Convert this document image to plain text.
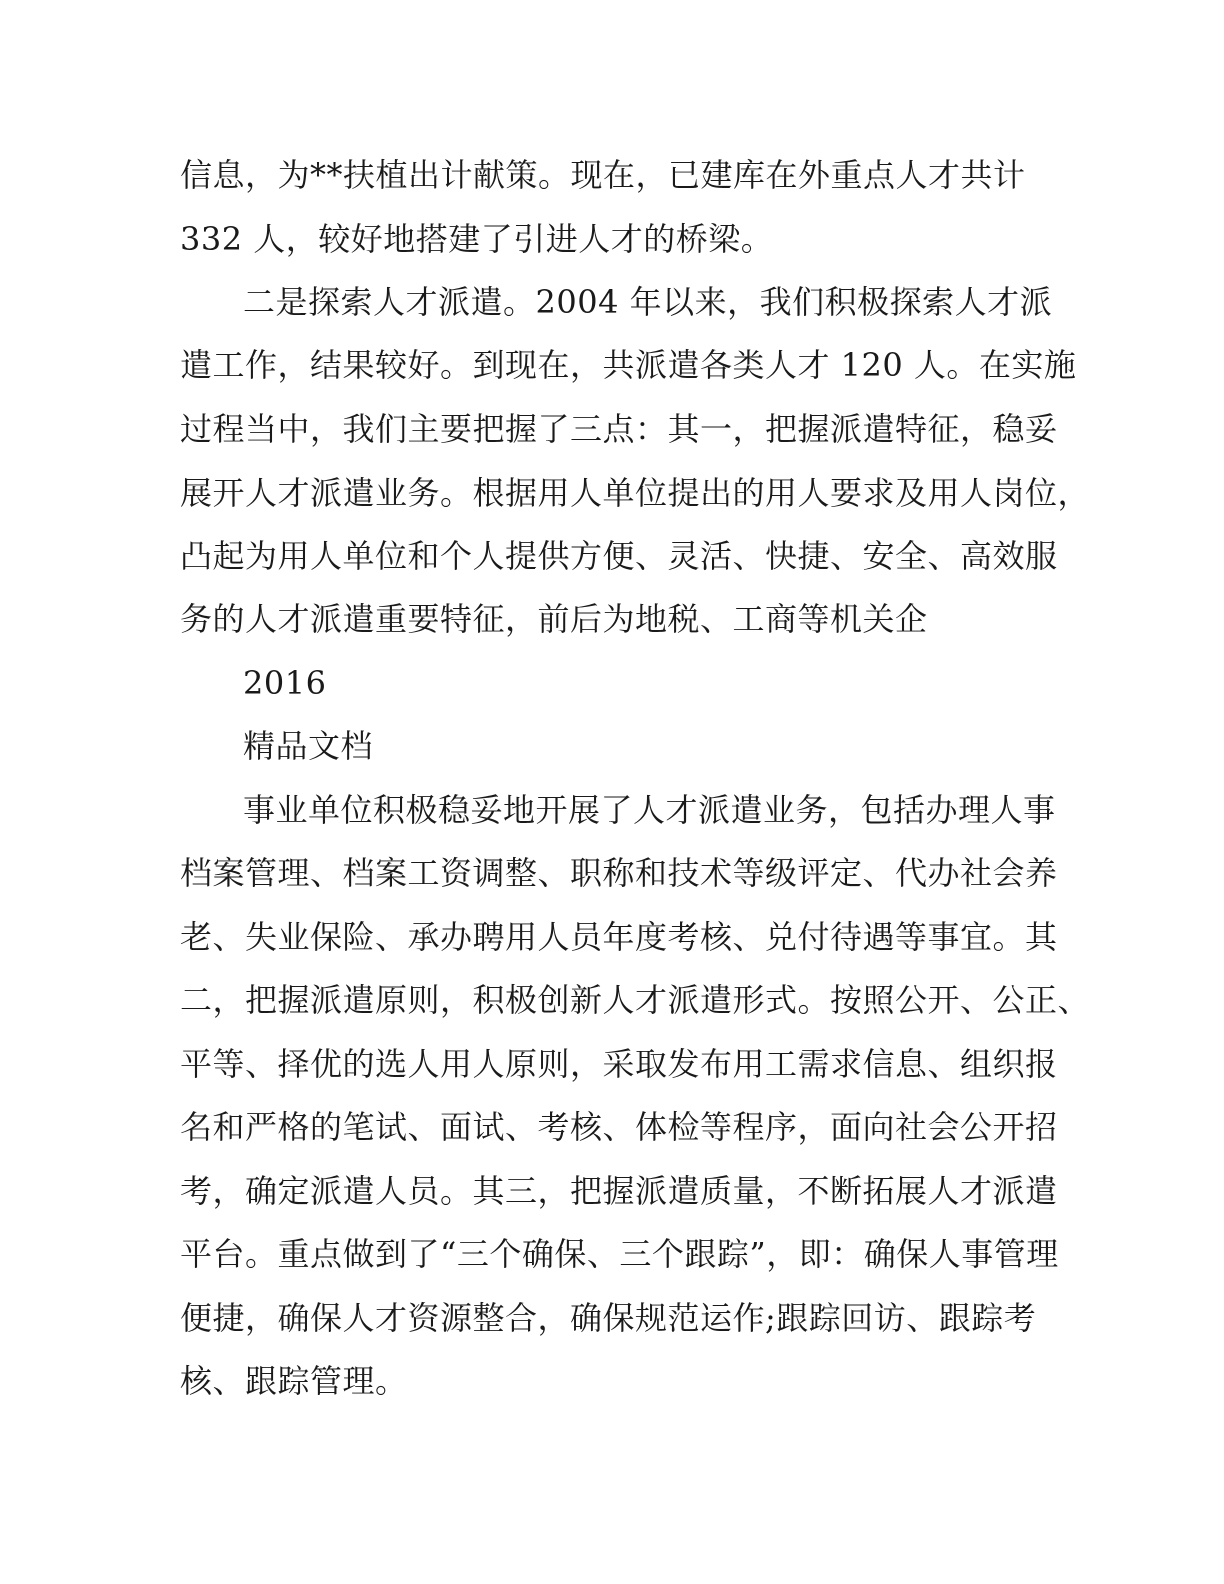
信息，为**扶植出计献策。现在，已建库在外重点人才共计

332 人，较好地搭建了引进人才的桥梁。

二是探索人才派遣。2004 年以来，我们积极探索人才派

遣工作，结果较好。到现在，共派遣各类人才 120 人。在实施

过程当中，我们主要把握了三点：其一，把握派遣特征，稳妥

展开人才派遣业务。根据用人单位提出的用人要求及用人岗位，

凸起为用人单位和个人提供方便、灵活、快捷、安全、高效服

务的人才派遣重要特征，前后为地税、工商等机关企

2016

精品文档

事业单位积极稳妥地开展了人才派遣业务，包括办理人事

档案管理、档案工资调整、职称和技术等级评定、代办社会养

老、失业保险、承办聘用人员年度考核、兑付待遇等事宜。其

二，把握派遣原则，积极创新人才派遣形式。按照公开、公正、

平等、择优的选人用人原则，采取发布用工需求信息、组织报

名和严格的笔试、面试、考核、体检等程序，面向社会公开招

考，确定派遣人员。其三，把握派遣质量，不断拓展人才派遣

平台。重点做到了“三个确保、三个跟踪”，即：确保人事管理

便捷，确保人才资源整合，确保规范运作;跟踪回访、跟踪考

核、跟踪管理。
